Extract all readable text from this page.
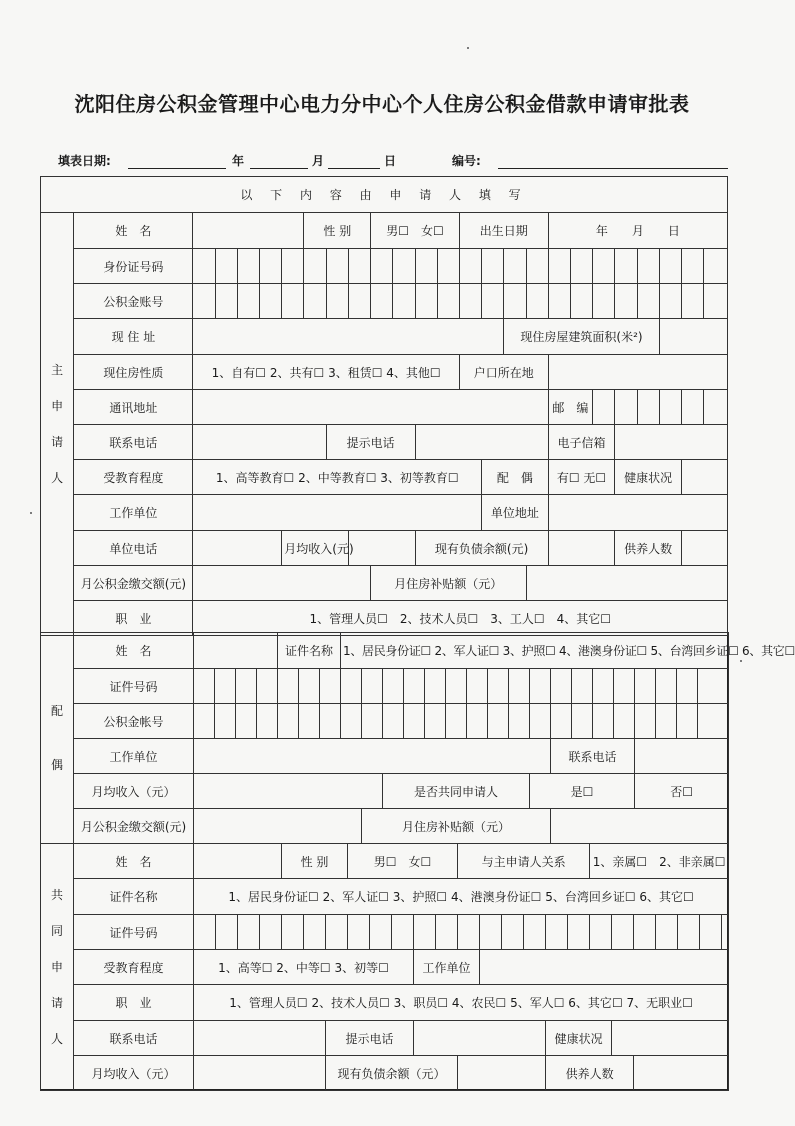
沈阳住房公积金管理中心电力分中心个人住房公积金借款申请审批表
填表日期:	年	月	日	编号:
以 下 内 容 由 申 请 人 填 写																									
主申请人	姓　名						性 别			男☐　女☐				出生日期				年　　月　　日							
	身份证号码																								
	公积金账号																								
	现 住 址															现住房屋建筑面积(米²)									
	现住房性质	1、自有☐ 2、共有☐ 3、租赁☐ 4、其他☐												户口所在地											
	通讯地址																	邮　编							
	联系电话							提示电话										电子信箱							
	受教育程度	1、高等教育☐ 2、中等教育☐ 3、初等教育☐													配　偶			有☐ 无☐			健康状况				
	工作单位														单位地址										
	单位电话					月均收入(元)						现有负债余额(元)									供养人数				
	月公积金缴交额(元)									月住房补贴额（元）															
	职　业	1、管理人员☐　2、技术人员☐　3、工人☐　4、其它☐																							
配偶	姓　名					证件名称			1、居民身份证☐ 2、军人证☐ 3、护照☐ 4、港澳身份证☐ 5、台湾回乡证☐ 6、其它☐																	
	证件号码																									
	公积金帐号																									
	工作单位																		联系电话							
	月均收入（元）										是否共同申请人							是☐					否☐			
	月公积金缴交额(元)									月住房补贴额（元）																
共同申请人	姓　名					性 别			男☐　女☐					与主申请人关系						1、亲属☐　2、非亲属☐						
	证件名称	1、居民身份证☐ 2、军人证☐ 3、护照☐ 4、港澳身份证☐ 5、台湾回乡证☐ 6、其它☐																								
	证件号码																									
	受教育程度	1、高等☐ 2、中等☐ 3、初等☐										工作单位														
	职　业	1、管理人员☐ 2、技术人员☐ 3、职员☐ 4、农民☐ 5、军人☐ 6、其它☐ 7、无职业☐																								
	联系电话							提示电话										健康状况								
	月均收入（元）							现有负债余额（元）										供养人数								
